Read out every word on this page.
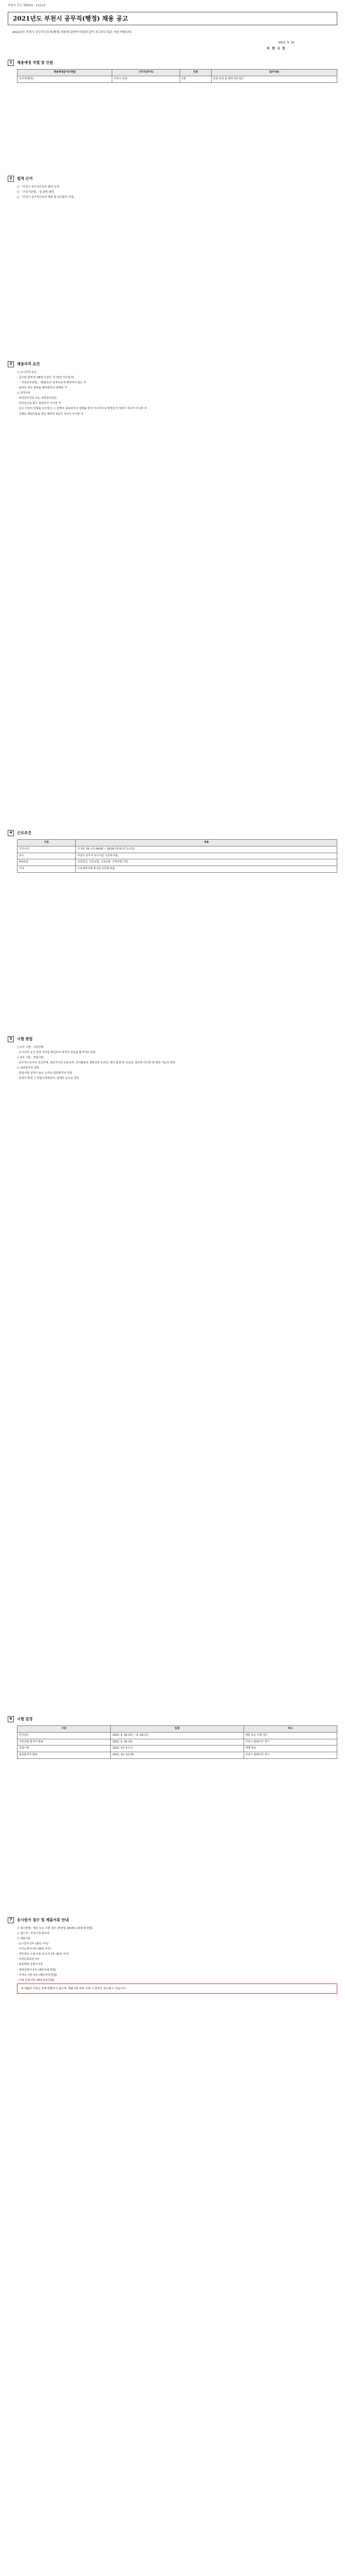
부천시 공고 제2021 - 1111호
2021년도 부천시 공무직(행정) 채용 공고
2021년도 부천시 공무직근로자(행정) 채용에 관하여 다음과 같이 공고하니 많은 지원 바랍니다.
2021. 9. 10.
부 천 시 장
1	채용예정 직렬 및 인원
채용예정분야(직렬)	근무지(부서)	인원	업무내용
공무직(행정)	부천시 본청	1명	민원 안내 및 행정지원 업무
2	법적 근거
○ 「부천시 공무직근로자 관리 규정」
○ 「근로기준법」 및 관련 법령
○ 「부천시 공무직근로자 채용 및 인사관리 지침」
3	채용자격 요건
○ 응시자격 요건
- 공고일 현재 만 18세 이상인 자 (정년 미도달자)
- 「지방공무원법」 제31조의 결격사유에 해당하지 않는 자
- 남자의 경우 병역을 필하였거나 면제된 자
○ 결격사유
- 피성년후견인 또는 피한정후견인
- 파산선고를 받고 복권되지 아니한 자
- 금고 이상의 실형을 선고받고 그 집행이 종료되거나 집행을 받지 아니하기로 확정된 후 5년이 지나지 아니한 자
- 징계로 해임처분을 받은 때부터 3년이 지나지 아니한 자
4	근로조건
구분	내용
근무시간	주 5일 (월~금) 09:00 ~ 18:00 (휴게시간 1시간)
보수	부천시 공무직 보수지급 기준에 따름
4대보험	국민연금, 건강보험, 고용보험, 산재보험 가입
기타	근로계약서에 명시된 조건에 따름
5	시험 방법
○ 1차 시험 : 서류전형
- 응시자격 요건 적격 여부를 확인하여 적격자 전원을 합격자로 결정
○ 2차 시험 : 면접시험
- 공무직으로서의 정신자세, 전문지식과 응용능력, 의사발표의 정확성과 논리성, 예의·품행 및 성실성, 창의력·의지력 및 발전 가능성 평정
○ 최종합격자 결정
- 면접시험 성적이 높은 순서로 최종합격자 결정
- 동점자 발생 시 취업지원대상자, 장애인 순으로 결정
6	시험 일정
구분	일정	비고
원서접수	2021. 9. 16.(목) ~ 9. 24.(금)	방문 또는 우편 접수
서류전형 합격자 발표	2021. 9. 30.(목)	부천시 홈페이지 게시
면접시험	2021. 10. 6.(수)	개별 통보
최종합격자 발표	2021. 10. 12.(화)	부천시 홈페이지 게시
7	응시원서 접수 및 제출서류 안내
○ 접수방법 : 방문 또는 우편 접수 (마감일 18:00 도착분에 한함)
○ 접수처 : 부천시청 총무과
○ 제출서류
- 응시원서 1부 (붙임 서식)
- 자기소개서 1부 (붙임 서식)
- 개인정보 수집·이용 동의서 1부 (붙임 서식)
- 주민등록초본 1부
- 최종학력 증명서 1부
- 경력증명서 1부 (해당자에 한함)
- 자격증 사본 1부 (해당자에 한함)
- 가점 증빙서류 (해당자에 한함)
※ 제출된 서류는 일체 반환하지 않으며, 제출서류 허위 기재 시 합격이 취소될 수 있습니다.
